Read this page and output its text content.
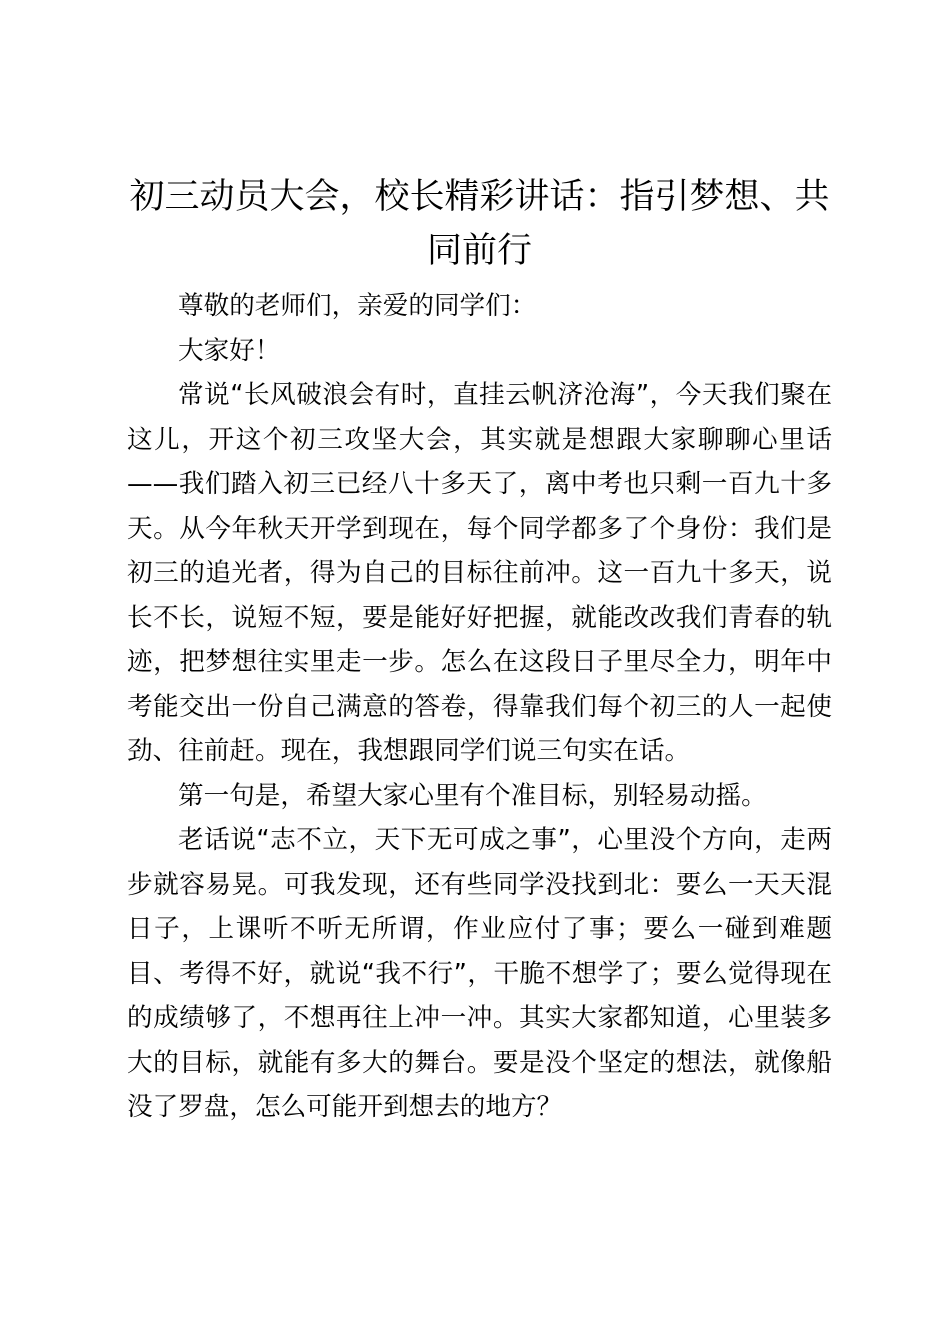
初三动员大会，校长精彩讲话：指引梦想、共同前行

尊敬的老师们，亲爱的同学们：

大家好！

常说“长风破浪会有时，直挂云帆济沧海”，今天我们聚在这儿，开这个初三攻坚大会，其实就是想跟大家聊聊心里话——我们踏入初三已经八十多天了，离中考也只剩一百九十多天。从今年秋天开学到现在，每个同学都多了个身份：我们是初三的追光者，得为自己的目标往前冲。这一百九十多天，说长不长，说短不短，要是能好好把握，就能改改我们青春的轨迹，把梦想往实里走一步。怎么在这段日子里尽全力，明年中考能交出一份自己满意的答卷，得靠我们每个初三的人一起使劲、往前赶。现在，我想跟同学们说三句实在话。

第一句是，希望大家心里有个准目标，别轻易动摇。

老话说“志不立，天下无可成之事”，心里没个方向，走两步就容易晃。可我发现，还有些同学没找到北：要么一天天混日子，上课听不听无所谓，作业应付了事；要么一碰到难题目、考得不好，就说“我不行”，干脆不想学了；要么觉得现在的成绩够了，不想再往上冲一冲。其实大家都知道，心里装多大的目标，就能有多大的舞台。要是没个坚定的想法，就像船没了罗盘，怎么可能开到想去的地方？
